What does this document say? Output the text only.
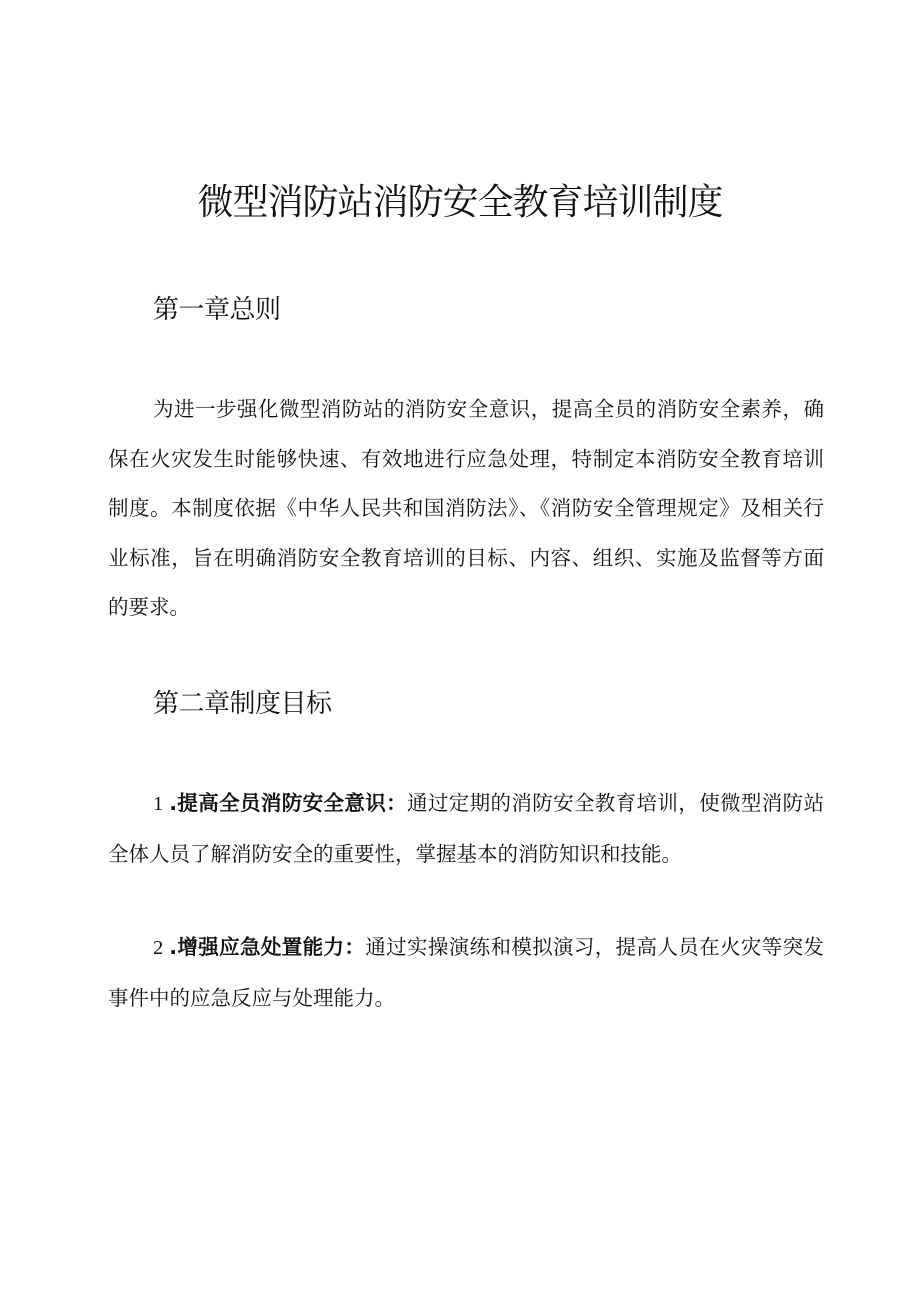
微型消防站消防安全教育培训制度
第一章总则

为进一步强化微型消防站的消防安全意识，提高全员的消防安全素养，确保在火灾发生时能够快速、有效地进行应急处理，特制定本消防安全教育培训制度。本制度依据《中华人民共和国消防法》、《消防安全管理规定》及相关行业标准，旨在明确消防安全教育培训的目标、内容、组织、实施及监督等方面的要求。

第二章制度目标

1 .提高全员消防安全意识：通过定期的消防安全教育培训，使微型消防站全体人员了解消防安全的重要性，掌握基本的消防知识和技能。

2 .增强应急处置能力：通过实操演练和模拟演习，提高人员在火灾等突发事件中的应急反应与处理能力。
